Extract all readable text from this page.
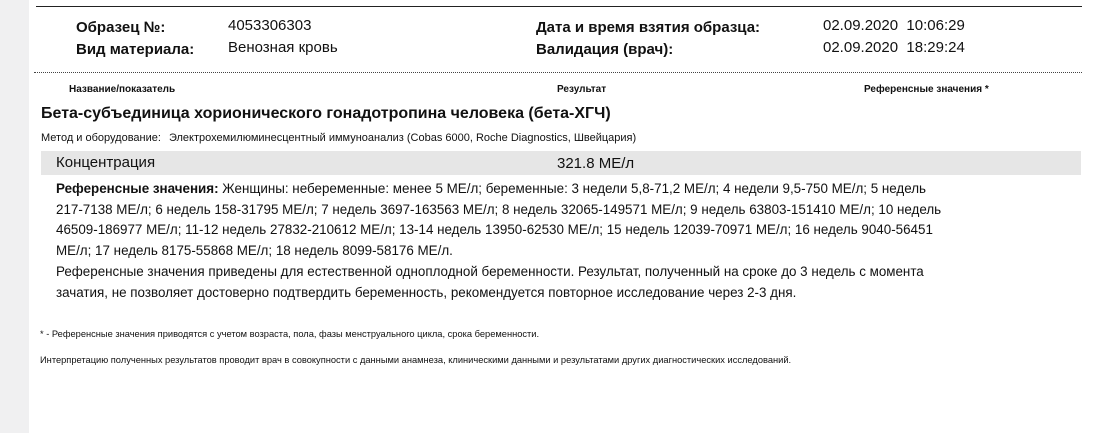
Образец №:	4053306303
Вид материала: Венозная кровь
Дата и время взятия образца:	02.09.2020  10:06:29
Валидация (врач):	02.09.2020  18:29:24
Название/показатель	Результат	Референсные значения *
Бета-субъединица хорионического гонадотропина человека (бета-ХГЧ)
Метод и оборудование: Электрохемилюминесцентный иммуноанализ (Cobas 6000, Roche Diagnostics, Швейцария)
Концентрация	321.8 МЕ/л

Референсные значения: Женщины: небеременные: менее 5 МЕ/л; беременные: 3 недели 5,8-71,2 МЕ/л; 4 недели 9,5-750 МЕ/л; 5 недель 217-7138 МЕ/л; 6 недель 158-31795 МЕ/л; 7 недель 3697-163563 МЕ/л; 8 недель 32065-149571 МЕ/л; 9 недель 63803-151410 МЕ/л; 10 недель 46509-186977 МЕ/л; 11-12 недель 27832-210612 МЕ/л; 13-14 недель 13950-62530 МЕ/л; 15 недель 12039-70971 МЕ/л; 16 недель 9040-56451 МЕ/л; 17 недель 8175-55868 МЕ/л; 18 недель 8099-58176 МЕ/л.

Референсные значения приведены для естественной одноплодной беременности. Результат, полученный на сроке до 3 недель с момента зачатия, не позволяет достоверно подтвердить беременность, рекомендуется повторное исследование через 2-3 дня.

* - Референсные значения приводятся с учетом возраста, пола, фазы менструального цикла, срока беременности.
Интерпретацию полученных результатов проводит врач в совокупности с данными анамнеза, клиническими данными и результатами других диагностических исследований.
